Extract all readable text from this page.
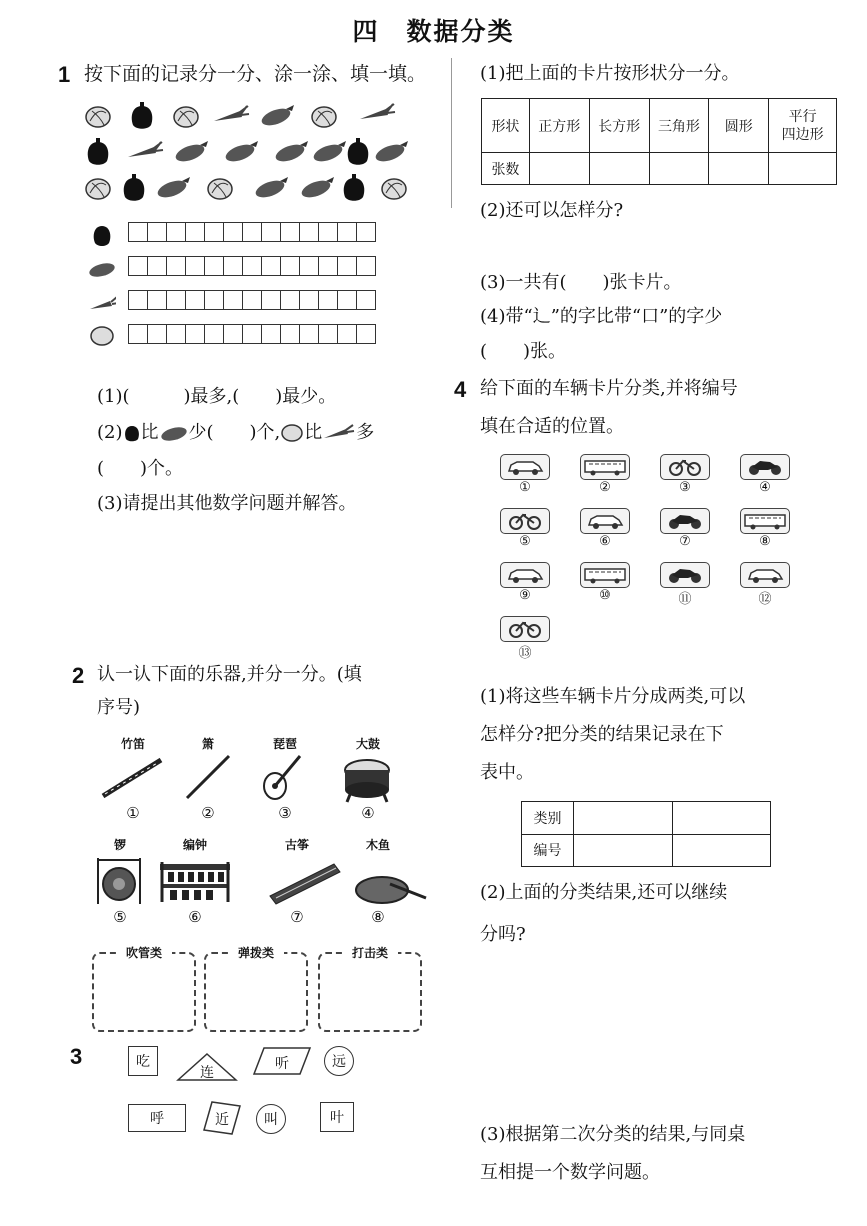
四　数据分类
1 按下面的记录分一分、涂一涂、填一填。
(1)(　　　)最多,(　　)最少。
(2) 比 少(　　)个, 比 多
(　　)个。
(3)请提出其他数学问题并解答。
2 认一认下面的乐器,并分一分。(填
序号)
竹笛	箫	琵琶	大鼓
①	②	③	④
锣	编钟	古筝	木鱼
⑤	⑥	⑦	⑧
吹管类	弹拨类	打击类
3	吃
连
听	远
呼	近	叫	叶
(1)把上面的卡片按形状分一分。
形状	正方形	长方形	三角形	圆形	平行
四边形
张数					
(2)还可以怎样分?
(3)一共有(　　)张卡片。
(4)带“辶”的字比带“口”的字少
(　　)张。
4 给下面的车辆卡片分类,并将编号
填在合适的位置。
①	②	③	④
⑤	⑥	⑦	⑧
⑨	⑩	⑪	⑫
⑬
(1)将这些车辆卡片分成两类,可以
怎样分?把分类的结果记录在下
表中。
类别		
编号		
(2)上面的分类结果,还可以继续
分吗?
(3)根据第二次分类的结果,与同桌
互相提一个数学问题。
